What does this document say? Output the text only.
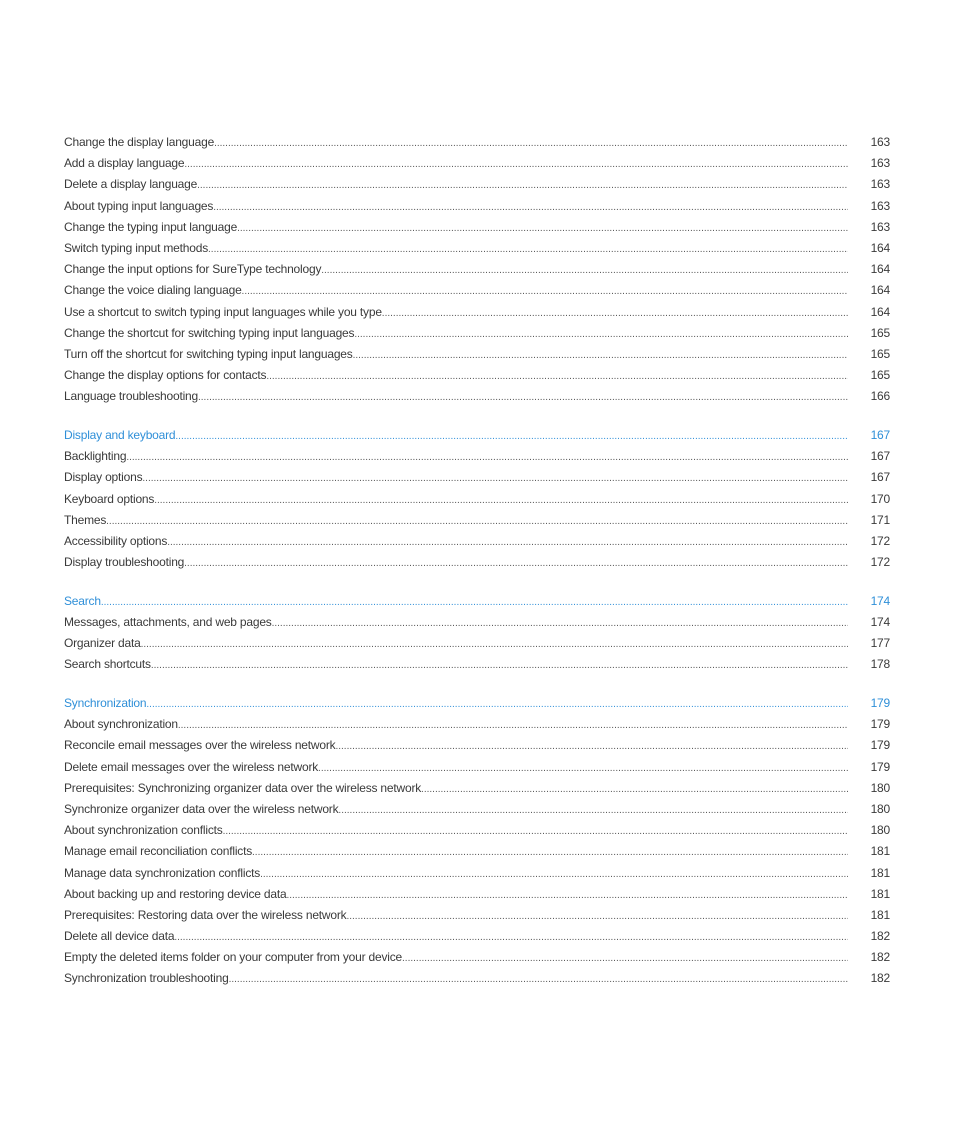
Change the display language .....	163
Add a display language .....	163
Delete a display language .....	163
About typing input languages .....	163
Change the typing input language .....	163
Switch typing input methods .....	164
Change the input options for SureType technology .....	164
Change the voice dialing language .....	164
Use a shortcut to switch typing input languages while you type .....	164
Change the shortcut for switching typing input languages .....	165
Turn off the shortcut for switching typing input languages .....	165
Change the display options for contacts .....	165
Language troubleshooting .....	166
Display and keyboard .....	167
Backlighting .....	167
Display options .....	167
Keyboard options .....	170
Themes .....	171
Accessibility options .....	172
Display troubleshooting .....	172
Search .....	174
Messages, attachments, and web pages .....	174
Organizer data .....	177
Search shortcuts .....	178
Synchronization .....	179
About synchronization .....	179
Reconcile email messages over the wireless network .....	179
Delete email messages over the wireless network .....	179
Prerequisites: Synchronizing organizer data over the wireless network .....	180
Synchronize organizer data over the wireless network .....	180
About synchronization conflicts .....	180
Manage email reconciliation conflicts .....	181
Manage data synchronization conflicts .....	181
About backing up and restoring device data .....	181
Prerequisites: Restoring data over the wireless network .....	181
Delete all device data .....	182
Empty the deleted items folder on your computer from your device .....	182
Synchronization troubleshooting .....	182
